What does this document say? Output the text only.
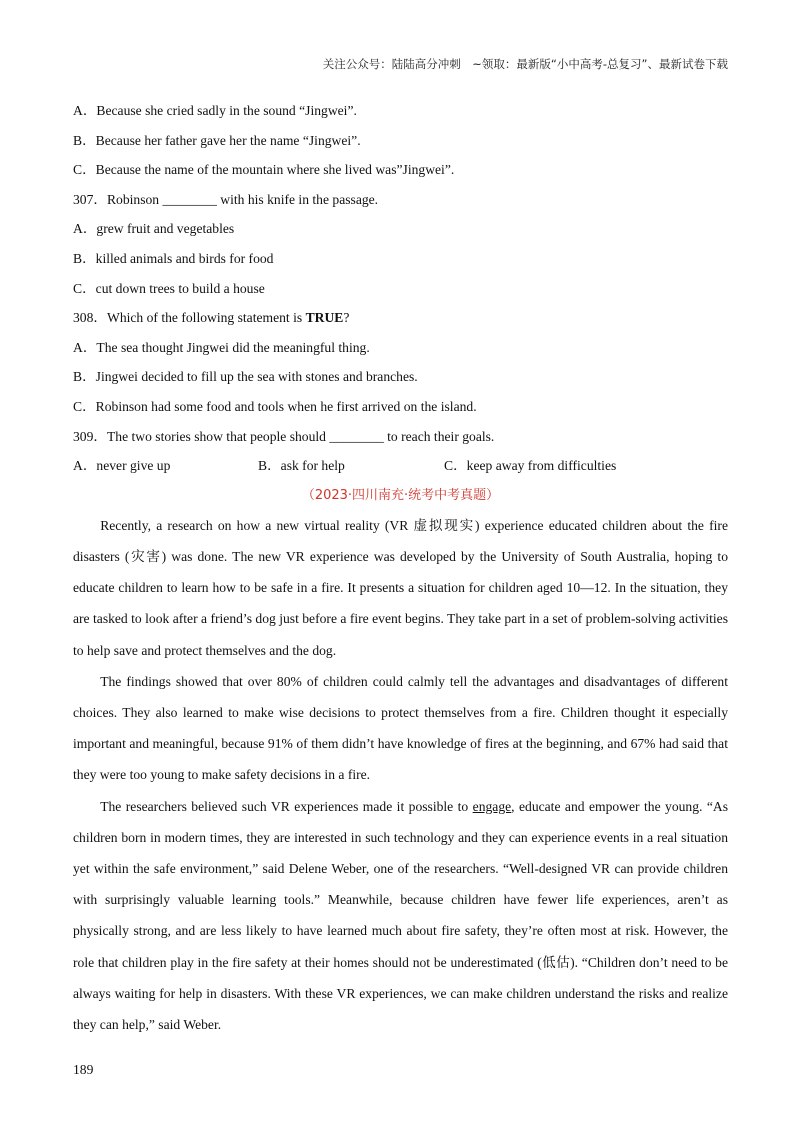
关注公众号：陆陆高分冲刺　~领取：最新版“小中高考-总复习”、最新试卷下载
A．Because she cried sadly in the sound “Jingwei”.
B．Because her father gave her the name “Jingwei”.
C．Because the name of the mountain where she lived was”Jingwei”.
307．Robinson ________ with his knife in the passage.
A．grew fruit and vegetables
B．killed animals and birds for food
C．cut down trees to build a house
308．Which of the following statement is TRUE?
A．The sea thought Jingwei did the meaningful thing.
B．Jingwei decided to fill up the sea with stones and branches.
C．Robinson had some food and tools when he first arrived on the island.
309．The two stories show that people should ________ to reach their goals.
A．never give up	B．ask for help	C．keep away from difficulties
（2023·四川南充·统考中考真题）

Recently, a research on how a new virtual reality (VR 虚拟现实) experience educated children about the fire disasters (灾害) was done. The new VR experience was developed by the University of South Australia, hoping to educate children to learn how to be safe in a fire. It presents a situation for children aged 10—12. In the situation, they are tasked to look after a friend’s dog just before a fire event begins. They take part in a set of problem-solving activities to help save and protect themselves and the dog.

The findings showed that over 80% of children could calmly tell the advantages and disadvantages of different choices. They also learned to make wise decisions to protect themselves from a fire. Children thought it especially important and meaningful, because 91% of them didn’t have knowledge of fires at the beginning, and 67% had said that they were too young to make safety decisions in a fire.

The researchers believed such VR experiences made it possible to engage, educate and empower the young. “As children born in modern times, they are interested in such technology and they can experience events in a real situation yet within the safe environment,” said Delene Weber, one of the researchers. “Well-designed VR can provide children with surprisingly valuable learning tools.” Meanwhile, because children have fewer life experiences, aren’t as physically strong, and are less likely to have learned much about fire safety, they’re often most at risk. However, the role that children play in the fire safety at their homes should not be underestimated (低估). “Children don’t need to be always waiting for help in disasters. With these VR experiences, we can make children understand the risks and realize they can help,” said Weber.

189
